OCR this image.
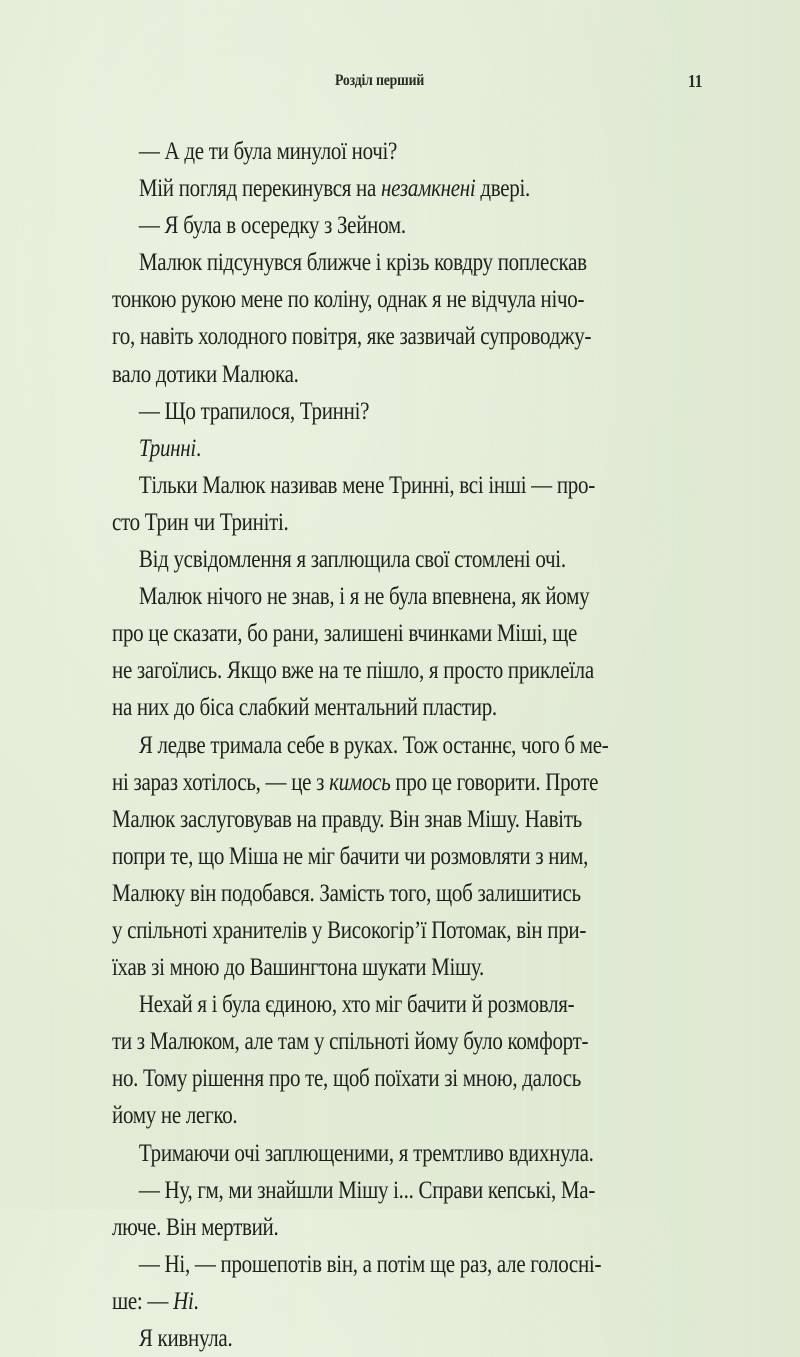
Розділ перший	11
— А де ти була минулої ночі?
Мій погляд перекинувся на незамкнені двері.
— Я була в осередку з Зейном.
Малюк підсунувся ближче і крізь ковдру поплескав
тонкою рукою мене по коліну, однак я не відчула нічо-
го, навіть холодного повітря, яке зазвичай супроводжу-
вало дотики Малюка.
— Що трапилося, Тринні?
Тринні.
Тільки Малюк називав мене Тринні, всі інші — про-
сто Трин чи Триніті.
Від усвідомлення я заплющила свої стомлені очі.
Малюк нічого не знав, і я не була впевнена, як йому
про це сказати, бо рани, залишені вчинками Міші, ще
не загоїлись. Якщо вже на те пішло, я просто приклеїла
на них до біса слабкий ментальний пластир.
Я ледве тримала себе в руках. Тож останнє, чого б ме-
ні зараз хотілось, — це з кимось про це говорити. Проте
Малюк заслуговував на правду. Він знав Мішу. Навіть
попри те, що Міша не міг бачити чи розмовляти з ним,
Малюку він подобався. Замість того, щоб залишитись
у спільноті хранителів у Високогір’ї Потомак, він при-
їхав зі мною до Вашингтона шукати Мішу.
Нехай я і була єдиною, хто міг бачити й розмовля-
ти з Малюком, але там у спільноті йому було комфорт-
но. Тому рішення про те, щоб поїхати зі мною, далось
йому не легко.
Тримаючи очі заплющеними, я тремтливо вдихнула.
— Ну, гм, ми знайшли Мішу і... Справи кепські, Ма-
люче. Він мертвий.
— Ні, — прошепотів він, а потім ще раз, але голосні-
ше: — Ні.
Я кивнула.
